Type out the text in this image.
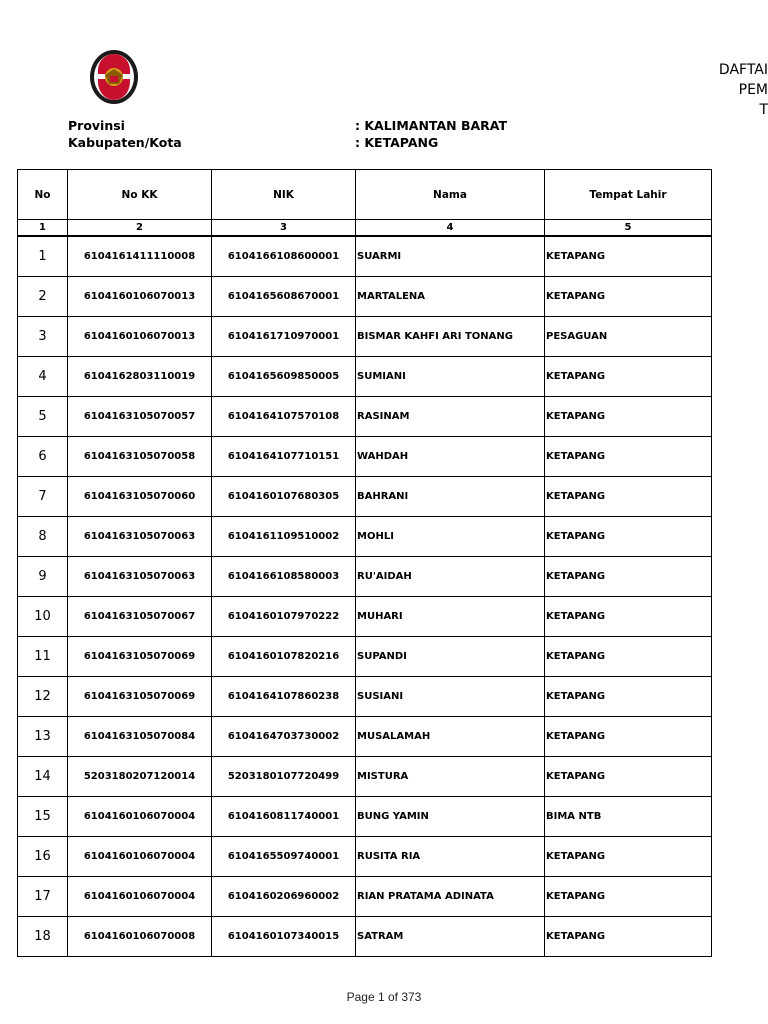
DAFTAI
PEM
T
Provinsi
Kabupaten/Kota
: KALIMANTAN BARAT
: KETAPANG
No	No KK	NIK	Nama	Tempat Lahir
1	2	3	4	5
1	6104161411110008	6104166108600001	SUARMI	KETAPANG
2	6104160106070013	6104165608670001	MARTALENA	KETAPANG
3	6104160106070013	6104161710970001	BISMAR KAHFI ARI TONANG	PESAGUAN
4	6104162803110019	6104165609850005	SUMIANI	KETAPANG
5	6104163105070057	6104164107570108	RASINAM	KETAPANG
6	6104163105070058	6104164107710151	WAHDAH	KETAPANG
7	6104163105070060	6104160107680305	BAHRANI	KETAPANG
8	6104163105070063	6104161109510002	MOHLI	KETAPANG
9	6104163105070063	6104166108580003	RU'AIDAH	KETAPANG
10	6104163105070067	6104160107970222	MUHARI	KETAPANG
11	6104163105070069	6104160107820216	SUPANDI	KETAPANG
12	6104163105070069	6104164107860238	SUSIANI	KETAPANG
13	6104163105070084	6104164703730002	MUSALAMAH	KETAPANG
14	5203180207120014	5203180107720499	MISTURA	KETAPANG
15	6104160106070004	6104160811740001	BUNG YAMIN	BIMA NTB
16	6104160106070004	6104165509740001	RUSITA RIA	KETAPANG
17	6104160106070004	6104160206960002	RIAN PRATAMA ADINATA	KETAPANG
18	6104160106070008	6104160107340015	SATRAM	KETAPANG
Page 1 of 373
